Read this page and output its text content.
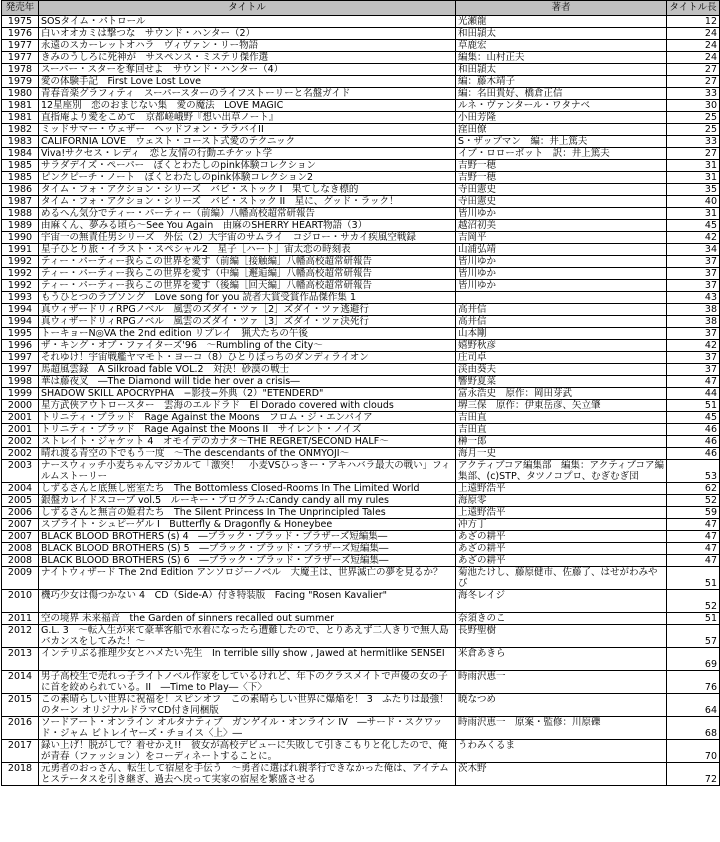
発売年	タイトル	著者	タイトル長
1975	SOSタイム・パトロール	光瀬龍	12
1976	白いオオカミは撃つな　サウンド・ハンター（2）	和田頴太	24
1977	永遠のスカーレットオハラ　ヴィヴァン・リー物語	草鹿宏	24
1977	きみのうしろに死神が　サスペンス・ミステリ傑作選	編集：山村正夫	24
1978	スーパー・スターを奪回せよ　サウンド・ハンター（4）	和田頴太	27
1979	愛の体験手記　First Love Lost Love	編：藤木靖子	27
1980	青春音楽グラフィティ　スーパースターのライフストーリーと名盤ガイド	編：名田貴好、橋倉正信	33
1981	12星座別　恋のおまじない集　愛の魔法　LOVE MAGIC	ルネ・ヴァンタール・ワタナベ	30
1981	直指庵より愛をこめて　京都嵯峨野『想い出草ノート』	小田芳隆	25
1982	ミッドサマー・ウェザー　ヘッドフォン・ララバイII	窪田僚	25
1983	CALIFORNIA LOVE　ウェスト・コースト式愛のテクニック	S・ザップマン　編：井上篤夫	33
1984	Viva!サクセス・レディ　恋と友情の行動エチケット学	イブ・ロローボット　訳：井上篤夫	27
1985	サラダデイズ・ペーパー　ぼくとわたしのpink体験コレクション	吉野一穂	31
1985	ピンクピーチ・ノート　ぼくとわたしのpink体験コレクション2	吉野一穂	31
1986	タイム・フォ・アクション・シリーズ　バビ・ストック I　果てしなき標的	寺田憲史	35
1987	タイム・フォ・アクション・シリーズ　バビ・ストック II　星に、グッド・ラック！	寺田憲史	40
1988	めるへん気分でティー・パーティー（前編）八幡高校超常研報告	皆川ゆか	31
1989	由麻くん、夢みる頃ら〜See You Again　由麻のSHERRY HEART物語（3）	越沼初美	45
1990	宇宙一の無責任男シリーズ　外伝（2）大宇宙のサムライ　コジロー・サカイ疾風空戦録	吉岡平	42
1991	星子ひとり旅・イラスト・スペシャル2　星子［ハート］宙太恋の時刻表	山浦弘靖	34
1992	ティー・パーティー我らこの世界を愛す（前編［接触編］八幡高校超常研報告	皆川ゆか	37
1992	ティー・パーティー我らこの世界を愛す（中編［邂逅編］八幡高校超常研報告	皆川ゆか	37
1992	ティー・パーティー我らこの世界を愛す（後編［回天編］八幡高校超常研報告	皆川ゆか	37
1993	もうひとつのラブソング　Love song for you 読者大賞受賞作品傑作集 1		43
1994	真ウィザードリィRPGノベル　風雲のズダイ・ツァ［2］ズダイ・ツァ逃避行	高井信	38
1994	真ウィザードリィRPGノベル　風雲のズダイ・ツァ［3］ズダイ・ツァ決死行	高井信	38
1995	トーキョーN◎VA the 2nd edition リプレイ　猟犬たちの午後	山本剛	37
1996	ザ・キング・オブ・ファイターズ'96　〜Rumbling of the City〜	嬉野秋彦	42
1997	それゆけ！宇宙戦艦ヤマモト・ヨーコ（8）ひとりぼっちのダンディライオン	庄司卓	37
1997	馬超風雲録　A Silkroad fable VOL.2　対決！砂漠の戦士	渓由葵夫	37
1998	華は藤夜叉　―The Diamond will tide her over a crisis―	響野夏菜	47
1999	SHADOW SKILL APOCRYPHA　−影技−外典（2）"ETENDERD"	富永浩史　原作：岡田芽武	44
2000	星方武俠アウトロースター　雲海のエルドラド　El Dorado covered with clouds	堺三保　原作：伊東岳彦、矢立肇	51
2001	トリニティ・ブラッド　Rage Against the Moons　フロム・ジ・エンパイア	吉田直	45
2001	トリニティ・ブラッド　Rage Against the Moons II　サイレント・ノイズ	吉田直	46
2002	ストレイト・ジャケット 4　オモイデのカナタ〜THE REGRET/SECOND HALF〜	榊一郎	46
2002	晴れ渡る青空の下でもう一度　〜The descendants of the ONMYOJI〜	海月一史	46
2003	ナースウィッチ小麦ちゃんマジカルて「激突！　小麦VSひっきー・アキハバラ最大の戦い」フィルムストーリー	アクティブコア編集部　編集：アクティブコア編集部、(c)STP、タツノコプロ、むぎむぎ団	53
2004	しずるさんと底無し密室たち　The Bottomless Closed-Rooms In The Limited World	上遠野浩平	62
2005	銀盤カレイドスコープ vol.5　ルーキー・プログラム:Candy candy all my rules	海原零	52
2006	しずるさんと無言の姫君たち　The Silent Princess In The Unprincipled Tales	上遠野浩平	59
2007	スプライト・シュピーゲル I　Butterfly & Dragonfly & Honeybee	冲方丁	47
2007	BLACK BLOOD BROTHERS (s) 4　―ブラック・ブラッド・ブラザーズ短編集―	あざの耕平	47
2008	BLACK BLOOD BROTHERS (S) 5　―ブラック・ブラッド・ブラザーズ短編集―	あざの耕平	47
2008	BLACK BLOOD BROTHERS (S) 6　―ブラック・ブラッド・ブラザーズ短編集―	あざの耕平	47
2009	ナイトウィザード The 2nd Edition アンソロジーノベル　大魔王は、世界滅亡の夢を見るか？	菊池たけし、藤原健市、佐藤了、はせがわみやび	51
2010	機巧少女は傷つかない 4　CD（Side-A）付き特装版　Facing "Rosen Kavalier"	海冬レイジ	52
2011	空の境界 未来福音　the Garden of sinners recalled out summer	奈須きのこ	51
2012	G.L. 3　〜転入生が来て豪華客船で水着になったら遭難したので、とりあえず二人きりで無人島バカンスをしてみた！〜	長野聖樹	57
2013	インテリぶる推理少女とハメたい先生　In terrible silly show , Jawed at hermitlike SENSEI	米倉あきら	69
2014	男子高校生で売れっ子ライトノベル作家をしているけれど、年下のクラスメイトで声優の女の子に首を絞められている。II　―Time to Play―〈下〉	時雨沢恵一	76
2015	この素晴らしい世界に祝福を！スピンオフ　この素晴らしい世界に爆焔を！ 3　ふたりは最強！のターン オリジナルドラマCD付き同梱版	暁なつめ	64
2016	ソードアート・オンライン オルタナティブ　ガンゲイル・オンライン IV　―サード・スクワッド・ジャム ビトレイヤーズ・チョイス〈上〉―	時雨沢恵一　原案・監修：川原礫	68
2017	録い上げ！脱がして？着せかえ!!　彼女が高校デビューに失敗して引きこもりと化したので、俺が青春（ファッション）をコーディネートすることに。	うわみくるま	70
2018	元勇者のおっさん、転生して宿屋を手伝う　〜勇者に選ばれ親孝行できなかった俺は、アイテムとステータスを引き継ぎ、過去へ戻って実家の宿屋を繁盛させる	茨木野	72
